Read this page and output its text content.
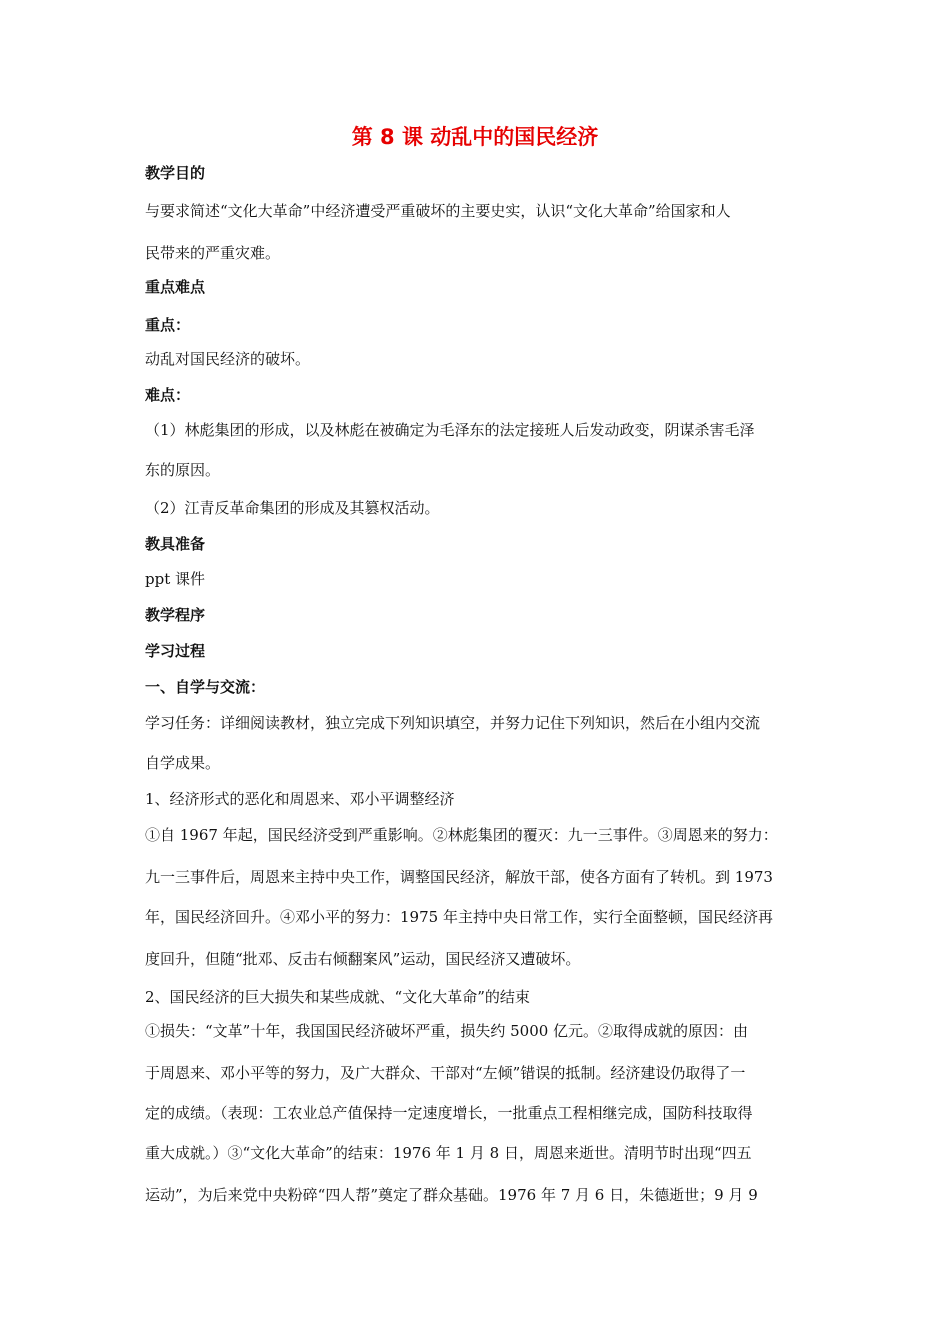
第 8 课 动乱中的国民经济
教学目的
与要求简述“文化大革命”中经济遭受严重破坏的主要史实，认识“文化大革命”给国家和人
民带来的严重灾难。
重点难点
重点：
动乱对国民经济的破坏。
难点：
（1）林彪集团的形成，以及林彪在被确定为毛泽东的法定接班人后发动政变，阴谋杀害毛泽
东的原因。
（2）江青反革命集团的形成及其篡权活动。
教具准备
ppt 课件
教学程序
学习过程
一、自学与交流：
学习任务：详细阅读教材，独立完成下列知识填空，并努力记住下列知识，然后在小组内交流
自学成果。
1、经济形式的恶化和周恩来、邓小平调整经济
①自 1967 年起，国民经济受到严重影响。②林彪集团的覆灭：九一三事件。③周恩来的努力：
九一三事件后，周恩来主持中央工作，调整国民经济，解放干部，使各方面有了转机。到 1973
年，国民经济回升。④邓小平的努力：1975 年主持中央日常工作，实行全面整顿，国民经济再
度回升，但随“批邓、反击右倾翻案风”运动，国民经济又遭破坏。
2、国民经济的巨大损失和某些成就、“文化大革命”的结束
①损失：“文革”十年，我国国民经济破坏严重，损失约 5000 亿元。②取得成就的原因：由
于周恩来、邓小平等的努力，及广大群众、干部对“左倾”错误的抵制。经济建设仍取得了一
定的成绩。（表现：工农业总产值保持一定速度增长，一批重点工程相继完成，国防科技取得
重大成就。）③“文化大革命”的结束：1976 年 1 月 8 日，周恩来逝世。清明节时出现“四五
运动”，为后来党中央粉碎“四人帮”奠定了群众基础。1976 年 7 月 6 日，朱德逝世；9 月 9
